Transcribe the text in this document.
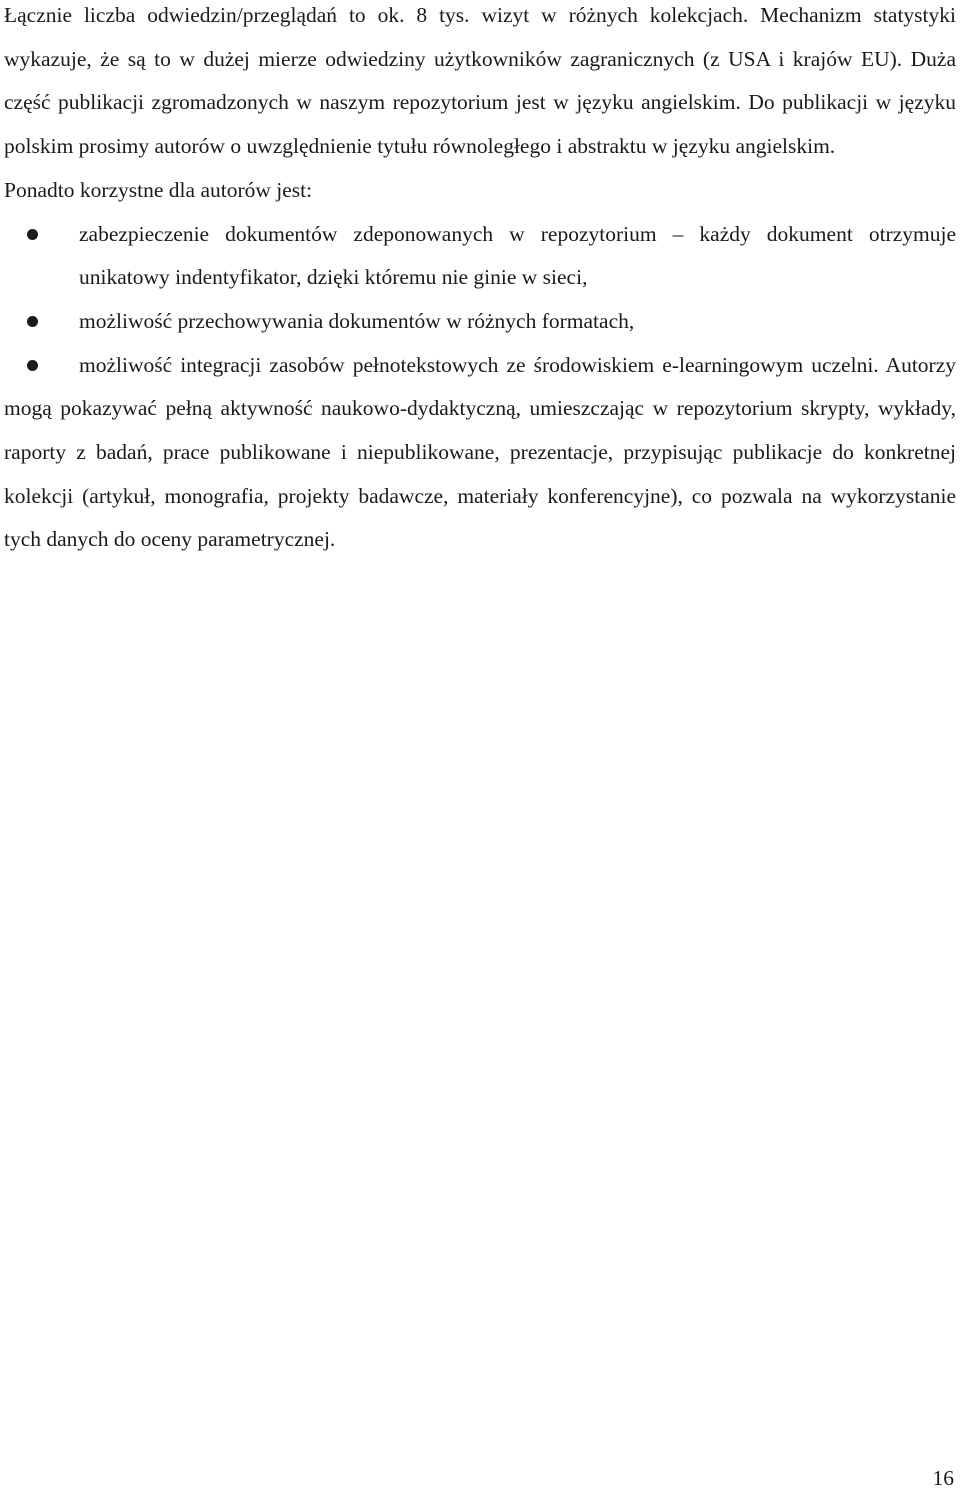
Łącznie liczba odwiedzin/przeglądań to ok. 8 tys. wizyt w różnych kolekcjach. Mechanizm statystyki wykazuje, że są to w dużej mierze odwiedziny użytkowników zagranicznych (z USA i krajów EU). Duża część publikacji zgromadzonych w naszym repozytorium jest w języku angielskim. Do publikacji w języku polskim prosimy autorów o uwzględnienie tytułu równoległego i abstraktu w języku angielskim.

Ponadto korzystne dla autorów jest:

zabezpieczenie dokumentów zdeponowanych w repozytorium – każdy dokument otrzymuje unikatowy indentyfikator, dzięki któremu nie ginie w sieci,
możliwość przechowywania dokumentów w różnych formatach,
możliwość integracji zasobów pełnotekstowych ze środowiskiem e-learningowym uczelni. Autorzy mogą pokazywać pełną aktywność naukowo-dydaktyczną, umieszczając w repozytorium skrypty, wykłady, raporty z badań, prace publikowane i niepublikowane, prezentacje, przypisując publikacje do konkretnej kolekcji (artykuł, monografia, projekty badawcze, materiały konferencyjne), co pozwala na wykorzystanie tych danych do oceny parametrycznej.
16
